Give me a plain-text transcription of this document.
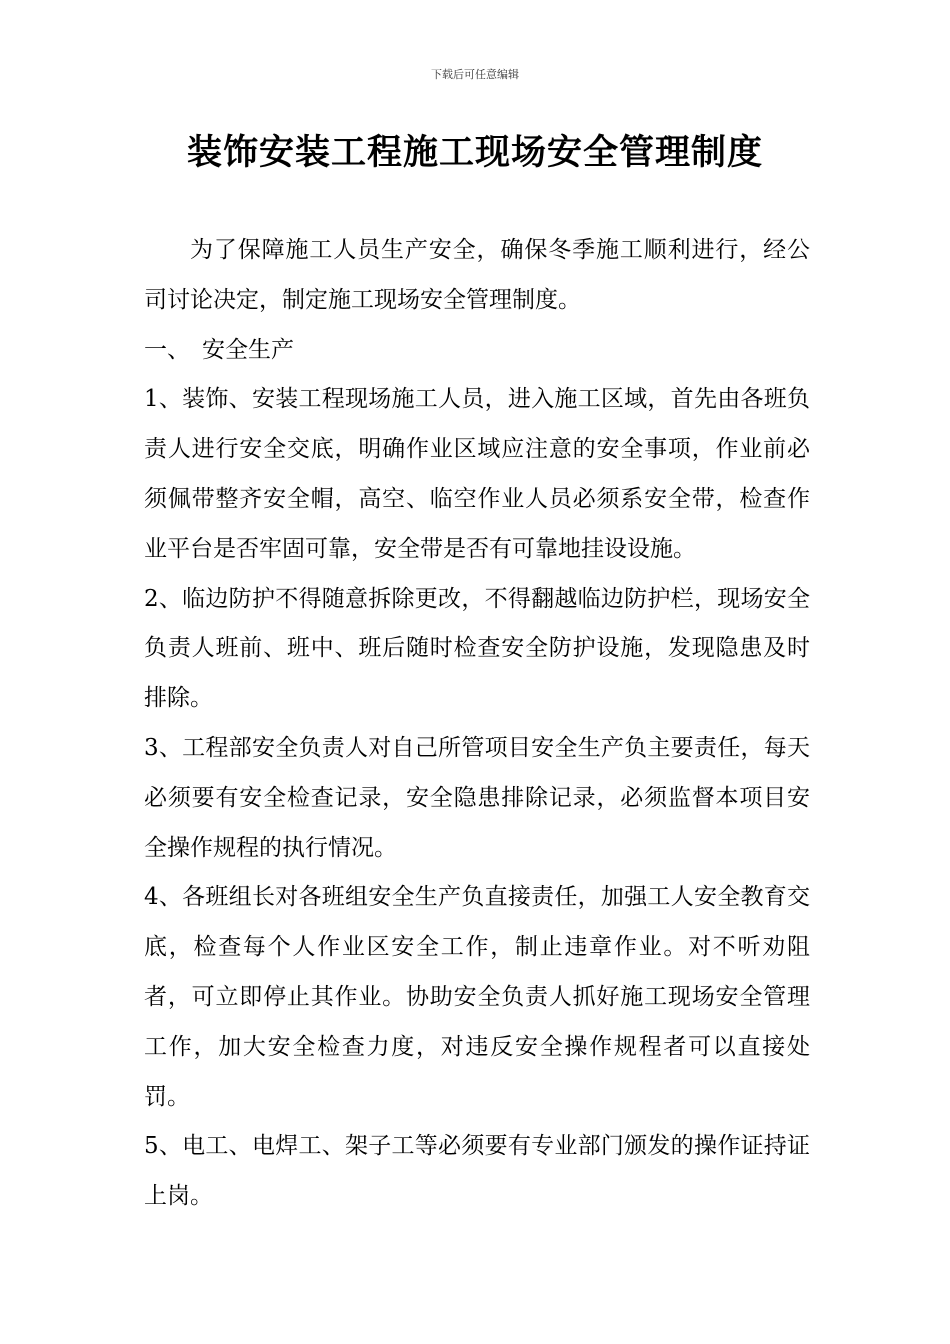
下载后可任意编辑
装饰安装工程施工现场安全管理制度

为了保障施工人员生产安全，确保冬季施工顺利进行，经公司讨论决定，制定施工现场安全管理制度。

一、 安全生产

1、装饰、安装工程现场施工人员，进入施工区域，首先由各班负责人进行安全交底，明确作业区域应注意的安全事项，作业前必须佩带整齐安全帽，高空、临空作业人员必须系安全带，检查作业平台是否牢固可靠，安全带是否有可靠地挂设设施。

2、临边防护不得随意拆除更改，不得翻越临边防护栏，现场安全负责人班前、班中、班后随时检查安全防护设施，发现隐患及时排除。

3、工程部安全负责人对自己所管项目安全生产负主要责任，每天必须要有安全检查记录，安全隐患排除记录，必须监督本项目安全操作规程的执行情况。

4、各班组长对各班组安全生产负直接责任，加强工人安全教育交底，检查每个人作业区安全工作，制止违章作业。对不听劝阻者，可立即停止其作业。协助安全负责人抓好施工现场安全管理工作，加大安全检查力度，对违反安全操作规程者可以直接处罚。

5、电工、电焊工、架子工等必须要有专业部门颁发的操作证持证上岗。
